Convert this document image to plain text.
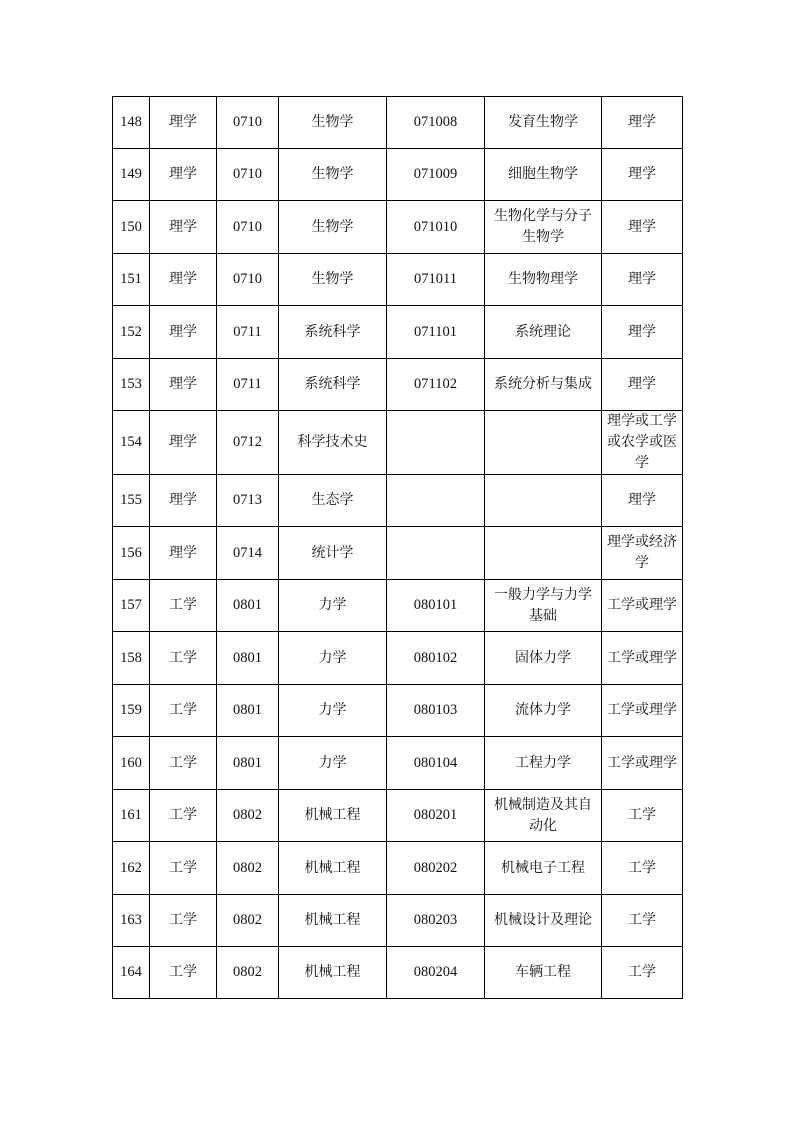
148	理学	0710	生物学	071008	发育生物学	理学
149	理学	0710	生物学	071009	细胞生物学	理学
150	理学	0710	生物学	071010	生物化学与分子生物学	理学
151	理学	0710	生物学	071011	生物物理学	理学
152	理学	0711	系统科学	071101	系统理论	理学
153	理学	0711	系统科学	071102	系统分析与集成	理学
154	理学	0712	科学技术史			理学或工学或农学或医学
155	理学	0713	生态学			理学
156	理学	0714	统计学			理学或经济学
157	工学	0801	力学	080101	一般力学与力学基础	工学或理学
158	工学	0801	力学	080102	固体力学	工学或理学
159	工学	0801	力学	080103	流体力学	工学或理学
160	工学	0801	力学	080104	工程力学	工学或理学
161	工学	0802	机械工程	080201	机械制造及其自动化	工学
162	工学	0802	机械工程	080202	机械电子工程	工学
163	工学	0802	机械工程	080203	机械设计及理论	工学
164	工学	0802	机械工程	080204	车辆工程	工学
